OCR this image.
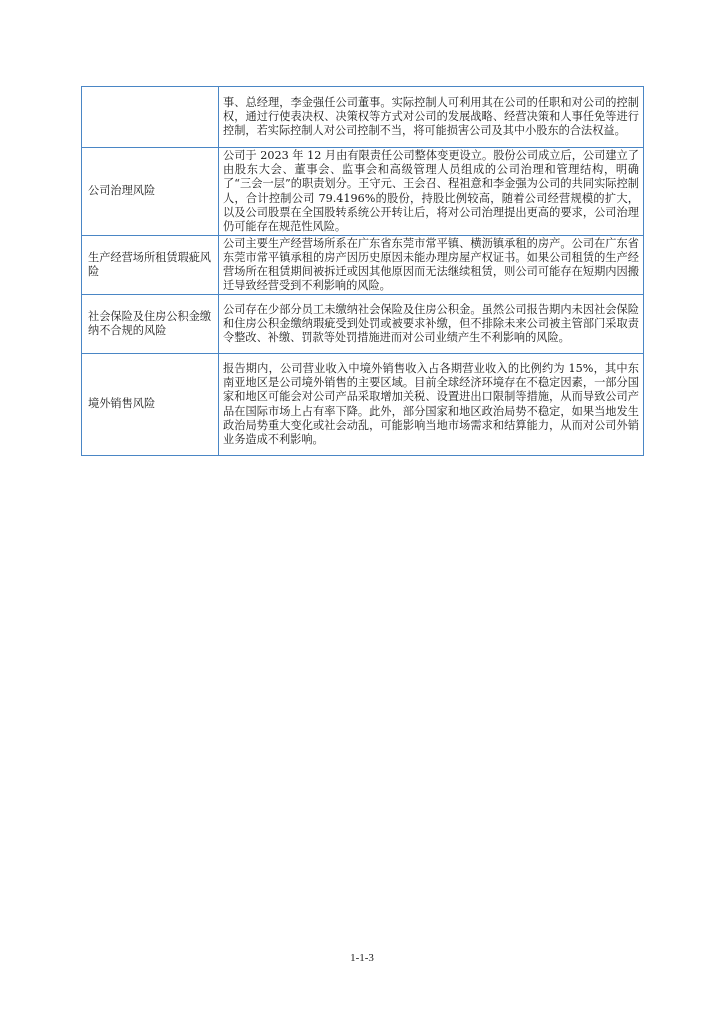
	事、总经理，李金强任公司董事。实际控制人可利用其在公司的任职和对公司的控制权，通过行使表决权、决策权等方式对公司的发展战略、经营决策和人事任免等进行控制，若实际控制人对公司控制不当，将可能损害公司及其中小股东的合法权益。
公司治理风险	公司于 2023 年 12 月由有限责任公司整体变更设立。股份公司成立后，公司建立了由股东大会、董事会、监事会和高级管理人员组成的公司治理和管理结构，明确了“三会一层”的职责划分。王守元、王会召、程祖意和李金强为公司的共同实际控制人，合计控制公司 79.4196%的股份，持股比例较高，随着公司经营规模的扩大，以及公司股票在全国股转系统公开转让后，将对公司治理提出更高的要求，公司治理仍可能存在规范性风险。
生产经营场所租赁瑕疵风险	公司主要生产经营场所系在广东省东莞市常平镇、横沥镇承租的房产。公司在广东省东莞市常平镇承租的房产因历史原因未能办理房屋产权证书。如果公司租赁的生产经营场所在租赁期间被拆迁或因其他原因而无法继续租赁，则公司可能存在短期内因搬迁导致经营受到不利影响的风险。
社会保险及住房公积金缴纳不合规的风险	公司存在少部分员工未缴纳社会保险及住房公积金。虽然公司报告期内未因社会保险和住房公积金缴纳瑕疵受到处罚或被要求补缴，但不排除未来公司被主管部门采取责令整改、补缴、罚款等处罚措施进而对公司业绩产生不利影响的风险。
境外销售风险	报告期内，公司营业收入中境外销售收入占各期营业收入的比例约为 15%，其中东南亚地区是公司境外销售的主要区域。目前全球经济环境存在不稳定因素，一部分国家和地区可能会对公司产品采取增加关税、设置进出口限制等措施，从而导致公司产品在国际市场上占有率下降。此外，部分国家和地区政治局势不稳定，如果当地发生政治局势重大变化或社会动乱，可能影响当地市场需求和结算能力，从而对公司外销业务造成不利影响。
1-1-3
